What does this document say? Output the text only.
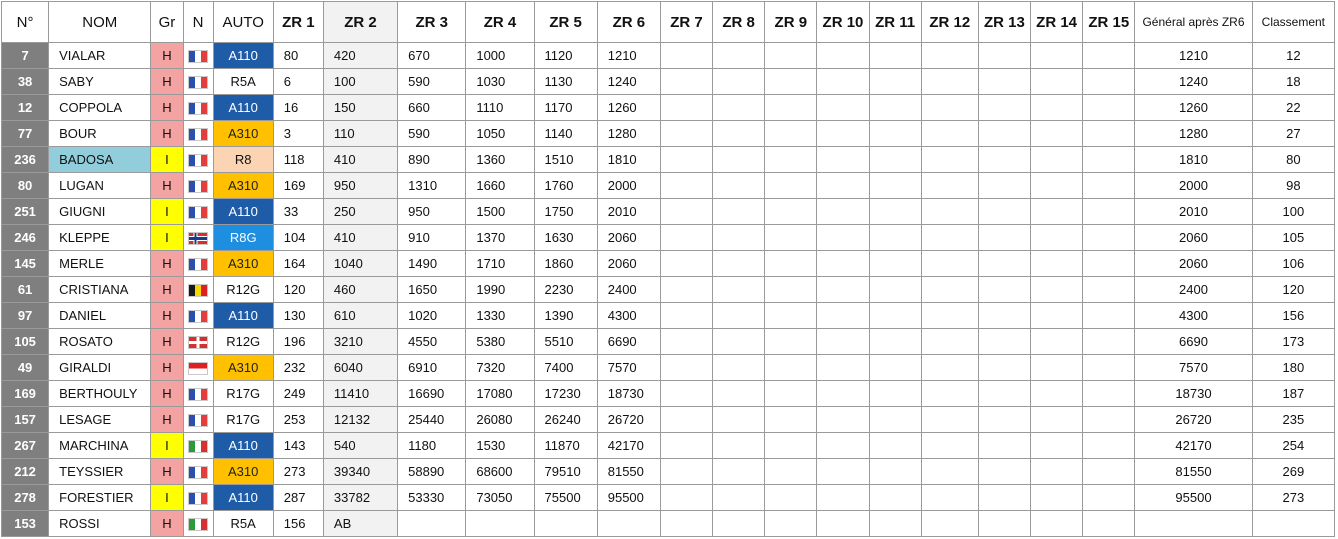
N°	NOM	Gr	N	AUTO	ZR 1	ZR 2	ZR 3	ZR 4	ZR 5	ZR 6	ZR 7	ZR 8	ZR 9	ZR 10	ZR 11	ZR 12	ZR 13	ZR 14	ZR 15	Général après ZR6	Classement
7	VIALAR	H		A110	80	420	670	1000	1120	1210										1210	12
38	SABY	H		R5A	6	100	590	1030	1130	1240										1240	18
12	COPPOLA	H		A110	16	150	660	1110	1170	1260										1260	22
77	BOUR	H		A310	3	110	590	1050	1140	1280										1280	27
236	BADOSA	I		R8	118	410	890	1360	1510	1810										1810	80
80	LUGAN	H		A310	169	950	1310	1660	1760	2000										2000	98
251	GIUGNI	I		A110	33	250	950	1500	1750	2010										2010	100
246	KLEPPE	I		R8G	104	410	910	1370	1630	2060										2060	105
145	MERLE	H		A310	164	1040	1490	1710	1860	2060										2060	106
61	CRISTIANA	H		R12G	120	460	1650	1990	2230	2400										2400	120
97	DANIEL	H		A110	130	610	1020	1330	1390	4300										4300	156
105	ROSATO	H		R12G	196	3210	4550	5380	5510	6690										6690	173
49	GIRALDI	H		A310	232	6040	6910	7320	7400	7570										7570	180
169	BERTHOULY	H		R17G	249	11410	16690	17080	17230	18730										18730	187
157	LESAGE	H		R17G	253	12132	25440	26080	26240	26720										26720	235
267	MARCHINA	I		A110	143	540	1180	1530	11870	42170										42170	254
212	TEYSSIER	H		A310	273	39340	58890	68600	79510	81550										81550	269
278	FORESTIER	I		A110	287	33782	53330	73050	75500	95500										95500	273
153	ROSSI	H		R5A	156	AB															
